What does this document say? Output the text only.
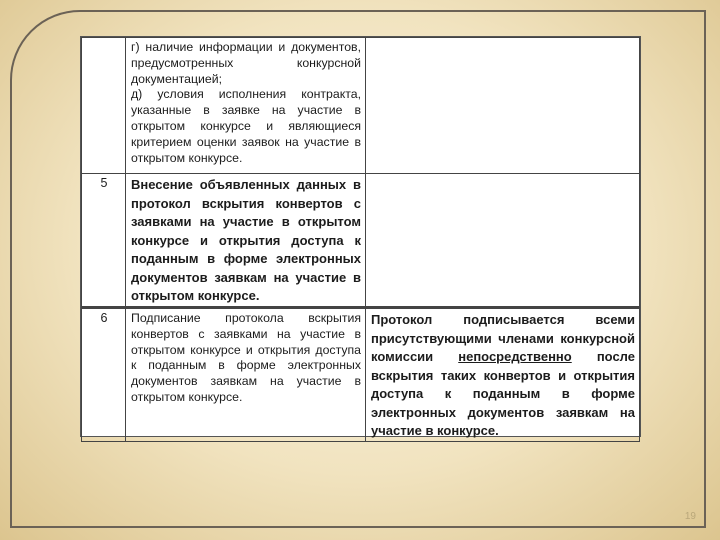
	г) наличие информации и документов, предусмотренных конкурсной документацией;

д) условия исполнения контракта, указанные в заявке на участие в открытом конкурсе и являющиеся критерием оценки заявок на участие в открытом конкурсе.	

5	Внесение объявленных данных в протокол вскрытия конвертов с заявками на участие в открытом конкурсе и открытия доступа к поданным в форме электронных документов заявкам на участие в открытом конкурсе.	

6	Подписание протокола вскрытия конвертов с заявками на участие в открытом конкурсе и открытия доступа к поданным в форме электронных документов заявкам на участие в открытом конкурсе.	Протокол подписывается всеми присутствующими членами конкурсной комиссии непосредственно после вскрытия таких конвертов и открытия доступа к поданным в форме электронных документов заявкам на участие в конкурсе.

19
